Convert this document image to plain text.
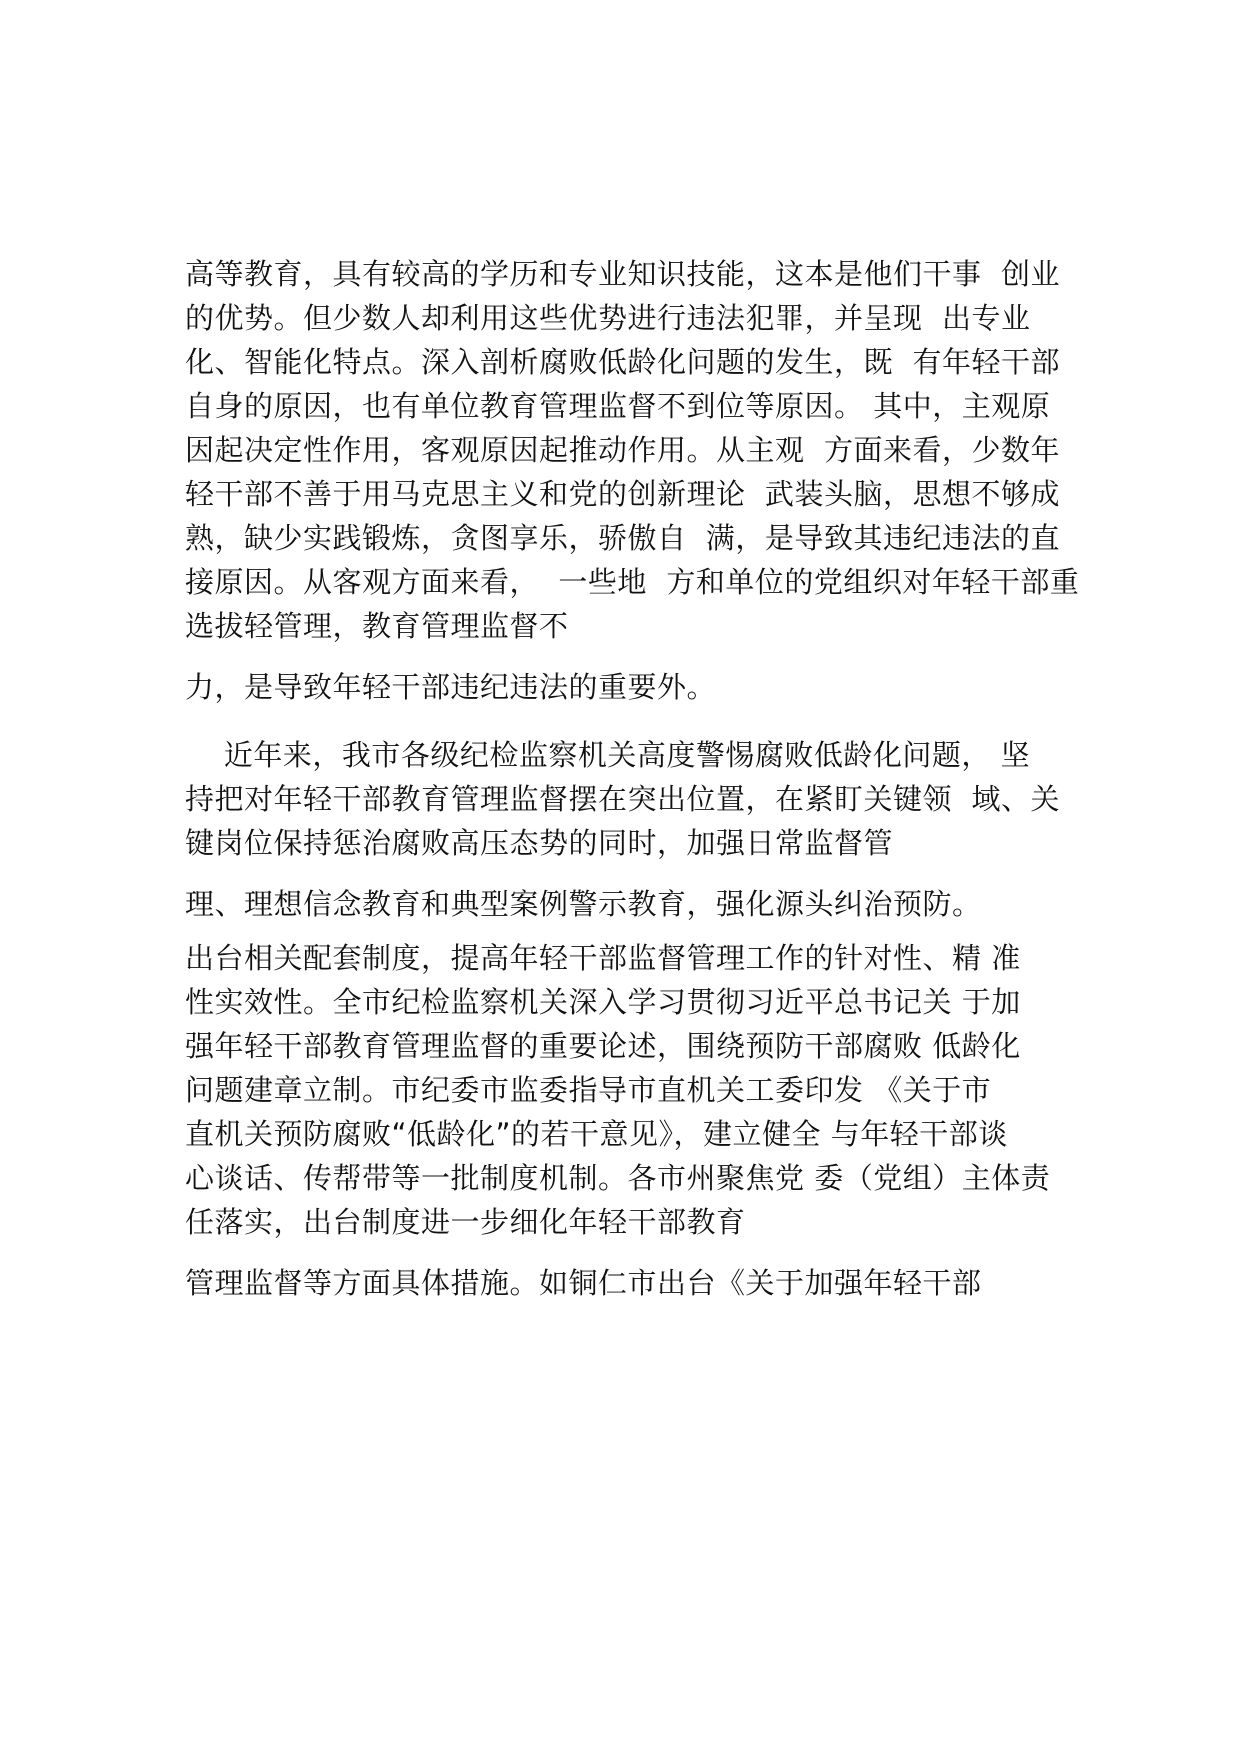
高等教育，具有较高的学历和专业知识技能，这本是他们干事  创业
的优势。但少数人却利用这些优势进行违法犯罪，并呈现  出专业
化、智能化特点。深入剖析腐败低龄化问题的发生，既  有年轻干部
自身的原因，也有单位教育管理监督不到位等原因。 其中，主观原
因起决定性作用，客观原因起推动作用。从主观  方面来看，少数年
轻干部不善于用马克思主义和党的创新理论  武装头脑，思想不够成
熟，缺少实践锻炼，贪图享乐，骄傲自  满，是导致其违纪违法的直
接原因。从客观方面来看，  一些地  方和单位的党组织对年轻干部重
选拔轻管理，教育管理监督不
力，是导致年轻干部违纪违法的重要外。
近年来，我市各级纪检监察机关高度警惕腐败低龄化问题， 坚
持把对年轻干部教育管理监督摆在突出位置，在紧盯关键领  域、关
键岗位保持惩治腐败高压态势的同时，加强日常监督管
理、理想信念教育和典型案例警示教育，强化源头纠治预防。
出台相关配套制度，提高年轻干部监督管理工作的针对性、精 准
性实效性。全市纪检监察机关深入学习贯彻习近平总书记关 于加
强年轻干部教育管理监督的重要论述，围绕预防干部腐败 低龄化
问题建章立制。市纪委市监委指导市直机关工委印发 《关于市
直机关预防腐败“低龄化”的若干意见》，建立健全 与年轻干部谈
心谈话、传帮带等一批制度机制。各市州聚焦党 委（党组）主体责
任落实，出台制度进一步细化年轻干部教育
管理监督等方面具体措施。如铜仁市出台《关于加强年轻干部
